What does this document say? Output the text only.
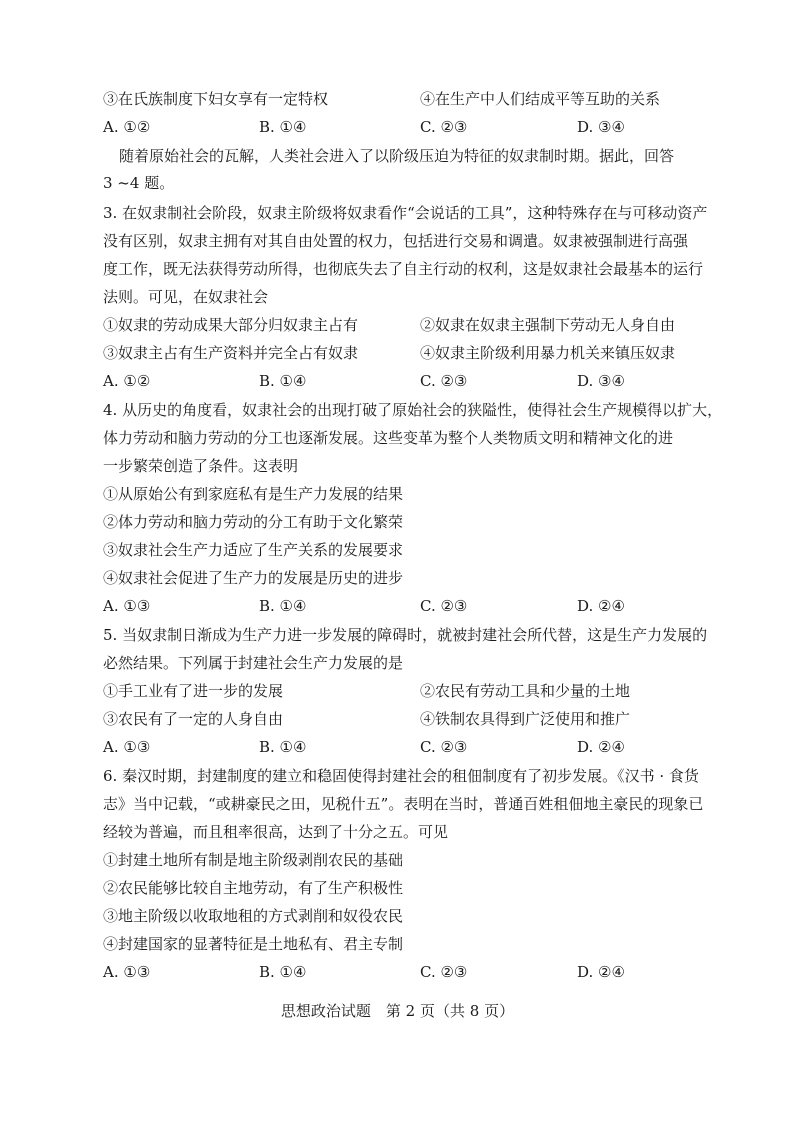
③在氏族制度下妇女享有一定特权	④在生产中人们结成平等互助的关系
A. ①②	B. ①④	C. ②③	D. ③④
随着原始社会的瓦解，人类社会进入了以阶级压迫为特征的奴隶制时期。据此，回答
3 ~4 题。
3. 在奴隶制社会阶段，奴隶主阶级将奴隶看作“会说话的工具”，这种特殊存在与可移动资产
没有区别，奴隶主拥有对其自由处置的权力，包括进行交易和调遣。奴隶被强制进行高强
度工作，既无法获得劳动所得，也彻底失去了自主行动的权利，这是奴隶社会最基本的运行
法则。可见，在奴隶社会
①奴隶的劳动成果大部分归奴隶主占有	②奴隶在奴隶主强制下劳动无人身自由
③奴隶主占有生产资料并完全占有奴隶	④奴隶主阶级利用暴力机关来镇压奴隶
A. ①②	B. ①④	C. ②③	D. ③④
4. 从历史的角度看，奴隶社会的出现打破了原始社会的狭隘性，使得社会生产规模得以扩大，
体力劳动和脑力劳动的分工也逐渐发展。这些变革为整个人类物质文明和精神文化的进
一步繁荣创造了条件。这表明
①从原始公有到家庭私有是生产力发展的结果
②体力劳动和脑力劳动的分工有助于文化繁荣
③奴隶社会生产力适应了生产关系的发展要求
④奴隶社会促进了生产力的发展是历史的进步
A. ①③	B. ①④	C. ②③	D. ②④
5. 当奴隶制日渐成为生产力进一步发展的障碍时，就被封建社会所代替，这是生产力发展的
必然结果。下列属于封建社会生产力发展的是
①手工业有了进一步的发展	②农民有劳动工具和少量的土地
③农民有了一定的人身自由	④铁制农具得到广泛使用和推广
A. ①③	B. ①④	C. ②③	D. ②④
6. 秦汉时期，封建制度的建立和稳固使得封建社会的租佃制度有了初步发展。《汉书 · 食货
志》当中记载，“或耕豪民之田，见税什五”。表明在当时，普通百姓租佃地主豪民的现象已
经较为普遍，而且租率很高，达到了十分之五。可见
①封建土地所有制是地主阶级剥削农民的基础
②农民能够比较自主地劳动，有了生产积极性
③地主阶级以收取地租的方式剥削和奴役农民
④封建国家的显著特征是土地私有、君主专制
A. ①③	B. ①④	C. ②③	D. ②④
思想政治试题　第 2 页（共 8 页）
